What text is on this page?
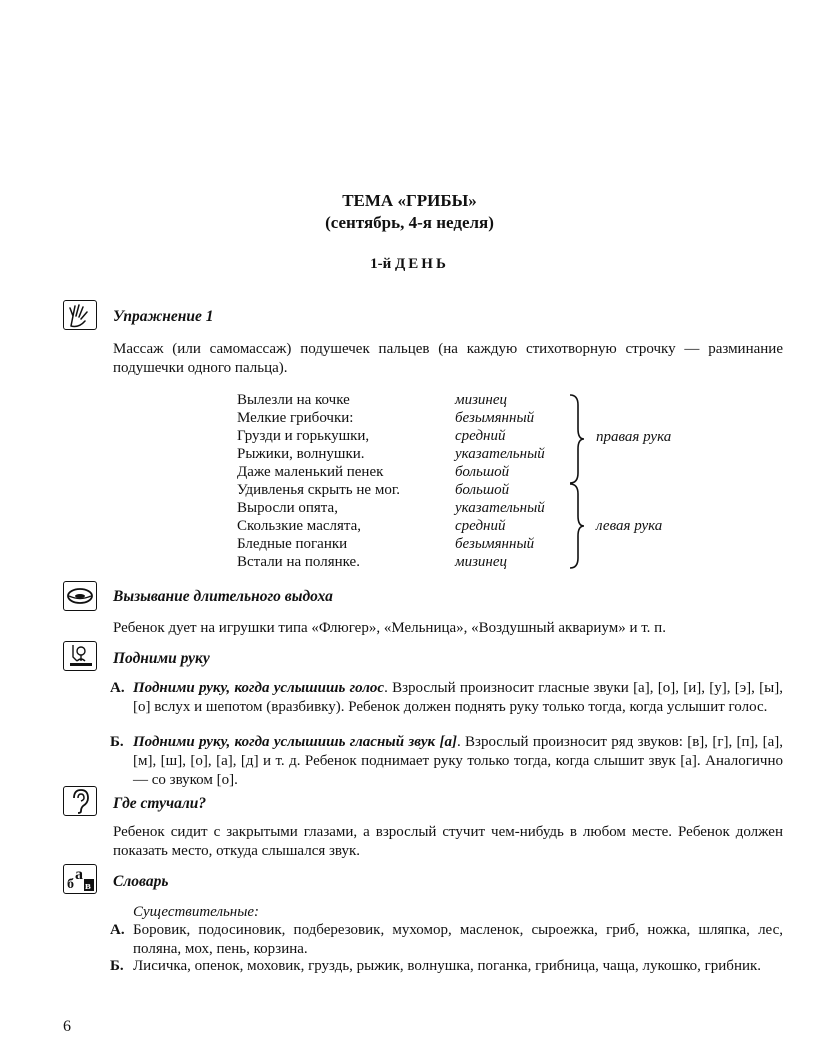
ТЕМА «ГРИБЫ»
(сентябрь, 4-я неделя)
1-й ДЕНЬ
Упражнение 1
Массаж (или самомассаж) подушечек пальцев (на каждую стихотворную строчку — разминание подушечки одного пальца).
Вылезли на кочке	мизинец
Мелкие грибочки:	безымянный
Грузди и горькушки,	средний
Рыжики, волнушки.	указательный
Даже маленький пенек	большой
Удивленья скрыть не мог.	большой
Выросли опята,	указательный
Скользкие маслята,	средний
Бледные поганки	безымянный
Встали на полянке.	мизинец
правая рука
левая рука
Вызывание длительного выдоха
Ребенок дует на игрушки типа «Флюгер», «Мельница», «Воздушный аквариум» и т. п.
Подними руку
А. Подними руку, когда услышишь голос. Взрослый произносит гласные звуки [а], [о], [и], [у], [э], [ы], [о] вслух и шепотом (вразбивку). Ребенок должен поднять руку только тогда, когда услышит голос.
Б. Подними руку, когда услышишь гласный звук [а]. Взрослый произносит ряд звуков: [в], [г], [п], [а], [м], [ш], [о], [а], [д] и т. д. Ребенок поднимает руку только тогда, когда слышит звук [а]. Аналогично — со звуком [о].
Где стучали?
Ребенок сидит с закрытыми глазами, а взрослый стучит чем-нибудь в любом месте. Ребенок должен показать место, откуда слышался звук.
б
а
в Словарь
Существительные:
А. Боровик, подосиновик, подберезовик, мухомор, масленок, сыроежка, гриб, ножка, шляпка, лес, поляна, мох, пень, корзина.
Б. Лисичка, опенок, моховик, груздь, рыжик, волнушка, поганка, грибница, чаща, лукошко, грибник.
6
